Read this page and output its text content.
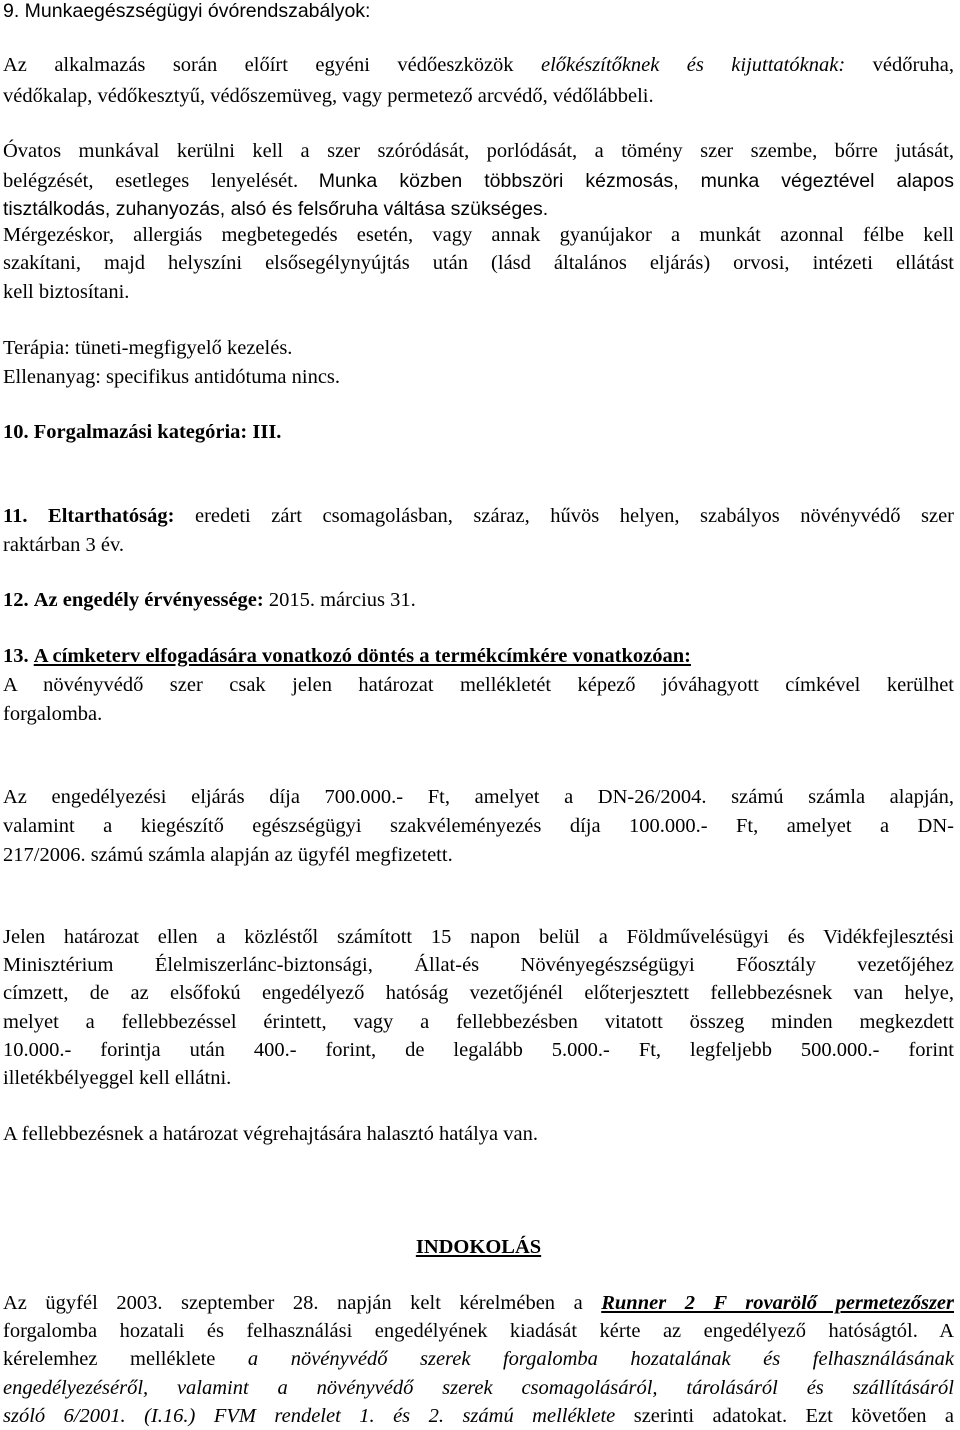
9. Munkaegészségügyi óvórendszabályok:
Az alkalmazás során előírt egyéni védőeszközök előkészítőknek és kijuttatóknak: védőruha,
védőkalap, védőkesztyű, védőszemüveg, vagy permetező arcvédő, védőlábbeli.
Óvatos munkával kerülni kell a szer szóródását, porlódását, a tömény szer szembe, bőrre jutását,
belégzését, esetleges lenyelését. Munka közben többszöri kézmosás, munka végeztével alapos
tisztálkodás, zuhanyozás, alsó és felsőruha váltása szükséges.
Mérgezéskor, allergiás megbetegedés esetén, vagy annak gyanújakor a munkát azonnal félbe kell
szakítani, majd helyszíni elsősegélynyújtás után (lásd általános eljárás) orvosi, intézeti ellátást
kell biztosítani.
Terápia: tüneti-megfigyelő kezelés.
Ellenanyag: specifikus antidótuma nincs.
10. Forgalmazási kategória: III.
11. Eltarthatóság: eredeti zárt csomagolásban, száraz, hűvös helyen, szabályos növényvédő szer
raktárban 3 év.
12. Az engedély érvényessége: 2015. március 31.
13. A címketerv elfogadására vonatkozó döntés a termékcímkére vonatkozóan:
A növényvédő szer csak jelen határozat mellékletét képező jóváhagyott címkével kerülhet
forgalomba.
Az engedélyezési eljárás díja 700.000.- Ft, amelyet a DN-26/2004. számú számla alapján,
valamint a kiegészítő egészségügyi szakvéleményezés díja 100.000.- Ft, amelyet a DN-
217/2006. számú számla alapján az ügyfél megfizetett.
Jelen határozat ellen a közléstől számított 15 napon belül a Földművelésügyi és Vidékfejlesztési
Minisztérium Élelmiszerlánc-biztonsági, Állat-és Növényegészségügyi Főosztály vezetőjéhez
címzett, de az elsőfokú engedélyező hatóság vezetőjénél előterjesztett fellebbezésnek van helye,
melyet a fellebbezéssel érintett, vagy a fellebbezésben vitatott összeg minden megkezdett
10.000.- forintja után 400.- forint, de legalább 5.000.- Ft, legfeljebb 500.000.- forint
illetékbélyeggel kell ellátni.
A fellebbezésnek a határozat végrehajtására halasztó hatálya van.
INDOKOLÁS
Az ügyfél 2003. szeptember 28. napján kelt kérelmében a Runner 2 F rovarölő permetezőszer
forgalomba hozatali és felhasználási engedélyének kiadását kérte az engedélyező hatóságtól. A
kérelemhez melléklete a növényvédő szerek forgalomba hozatalának és felhasználásának
engedélyezéséről, valamint a növényvédő szerek csomagolásáról, tárolásáról és szállításáról
szóló 6/2001. (I.16.) FVM rendelet 1. és 2. számú melléklete szerinti adatokat. Ezt követően a
